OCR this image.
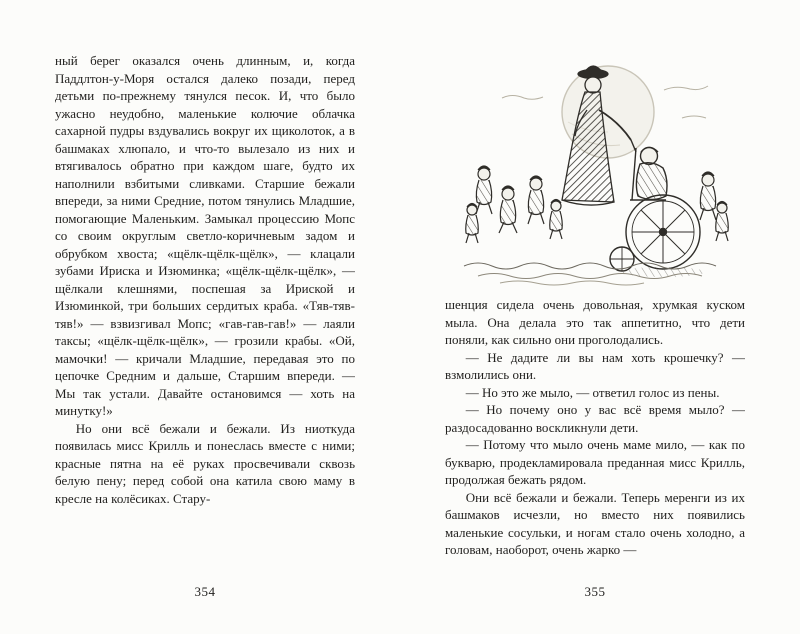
ный берег оказался очень длинным, и, когда Паддлтон-у-Моря остался далеко позади, перед детьми по-прежнему тянулся песок. И, что было ужасно неудобно, маленькие колючие облачка сахарной пудры вздувались вокруг их щиколоток, а в башмаках хлюпало, и что-то вылезало из них и втягивалось обратно при каждом шаге, будто их наполнили взбитыми сливками. Старшие бежали впереди, за ними Средние, потом тянулись Младшие, помогающие Маленьким. Замыкал процессию Мопс со своим округлым светло-коричневым задом и обрубком хвоста; «щёлк-щёлк-щёлк», — клацали зубами Ириска и Изюминка; «щёлк-щёлк-щёлк», — щёлкали клешнями, поспешая за Ириской и Изюминкой, три больших сердитых краба. «Тяв-тяв-тяв!» — взвизгивал Мопс; «гав-гав-гав!» — лаяли таксы; «щёлк-щёлк-щёлк», — грозили крабы. «Ой, мамочки! — кричали Младшие, передавая это по цепочке Средним и дальше, Старшим впереди. — Мы так устали. Давайте остановимся — хоть на минутку!»

Но они всё бежали и бежали. Из ниоткуда появилась мисс Крилль и понеслась вместе с ними; красные пятна на её руках просвечивали сквозь белую пену; перед собой она катила свою маму в кресле на колёсиках. Стару-

354

шенция сидела очень довольная, хрумкая куском мыла. Она делала это так аппетитно, что дети поняли, как сильно они проголодались.

— Не дадите ли вы нам хоть крошечку? — взмолились они.

— Но это же мыло, — ответил голос из пены.

— Но почему оно у вас всё время мыло? — раздосадованно воскликнули дети.

— Потому что мыло очень маме мило, — как по букварю, продекламировала преданная мисс Крилль, продолжая бежать рядом.

Они всё бежали и бежали. Теперь меренги из их башмаков исчезли, но вместо них появились маленькие сосульки, и ногам стало очень холодно, а головам, наоборот, очень жарко —

355
